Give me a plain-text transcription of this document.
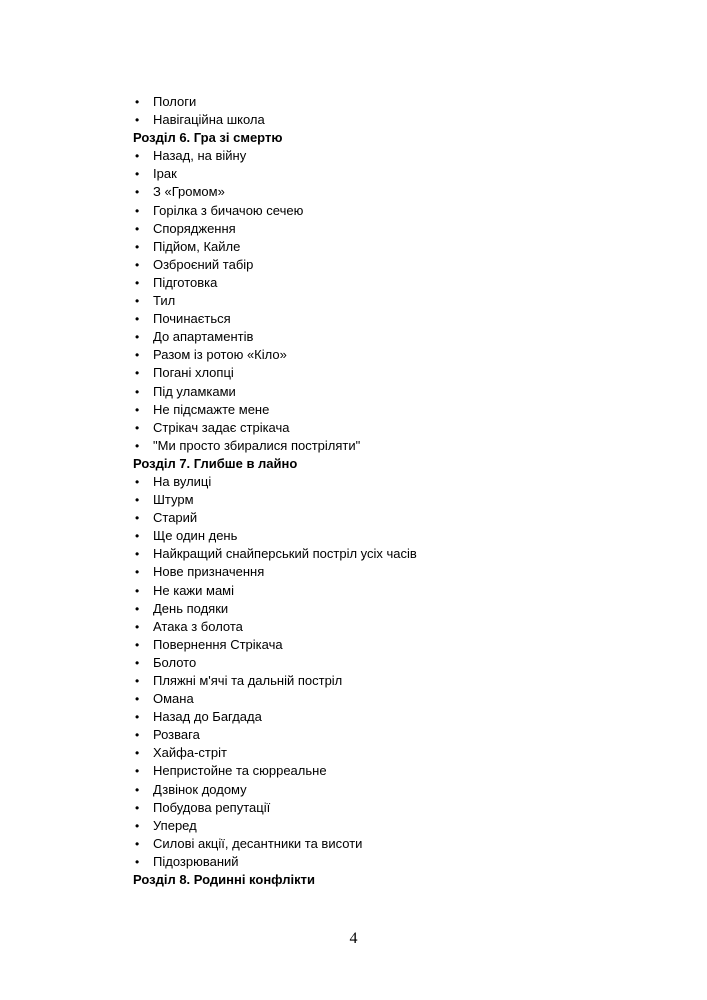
• Пологи
• Навігаційна школа
Розділ 6. Гра зі смертю
• Назад, на війну
• Ірак
• З «Громом»
• Горілка з бичачою сечею
• Спорядження
• Підйом, Кайле
• Озброєний табір
• Підготовка
• Тил
• Починається
• До апартаментів
• Разом із ротою «Кіло»
• Погані хлопці
• Під уламками
• Не підсмажте мене
• Стрікач задає стрікача
• "Ми просто збиралися постріляти"
Розділ 7. Глибше в лайно
• На вулиці
• Штурм
• Старий
• Ще один день
• Найкращий снайперський постріл усіх часів
• Нове призначення
• Не кажи мамі
• День подяки
• Атака з болота
• Повернення Стрікача
• Болото
• Пляжні м'ячі та дальній постріл
• Омана
• Назад до Багдада
• Розвага
• Хайфа-стріт
• Непристойне та сюрреальне
• Дзвінок додому
• Побудова репутації
• Уперед
• Силові акції, десантники та висоти
• Підозрюваний
Розділ 8. Родинні конфлікти
4
